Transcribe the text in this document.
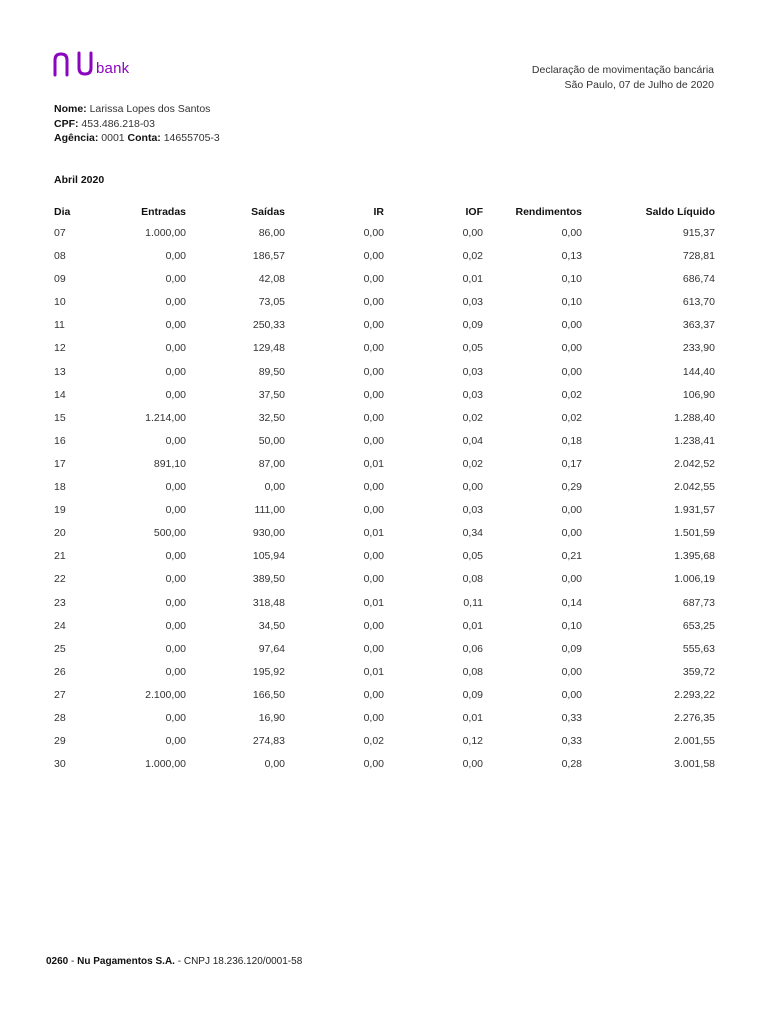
bank	Declaração de movimentação bancária
São Paulo, 07 de Julho de 2020
Nome: Larissa Lopes dos Santos
CPF: 453.486.218-03
Agência: 0001 Conta: 14655705-3
Abril 2020
Dia	Entradas	Saídas	IR	IOF	Rendimentos	Saldo Líquido
07	1.000,00	86,00	0,00	0,00	0,00	915,37
08	0,00	186,57	0,00	0,02	0,13	728,81
09	0,00	42,08	0,00	0,01	0,10	686,74
10	0,00	73,05	0,00	0,03	0,10	613,70
11	0,00	250,33	0,00	0,09	0,00	363,37
12	0,00	129,48	0,00	0,05	0,00	233,90
13	0,00	89,50	0,00	0,03	0,00	144,40
14	0,00	37,50	0,00	0,03	0,02	106,90
15	1.214,00	32,50	0,00	0,02	0,02	1.288,40
16	0,00	50,00	0,00	0,04	0,18	1.238,41
17	891,10	87,00	0,01	0,02	0,17	2.042,52
18	0,00	0,00	0,00	0,00	0,29	2.042,55
19	0,00	111,00	0,00	0,03	0,00	1.931,57
20	500,00	930,00	0,01	0,34	0,00	1.501,59
21	0,00	105,94	0,00	0,05	0,21	1.395,68
22	0,00	389,50	0,00	0,08	0,00	1.006,19
23	0,00	318,48	0,01	0,11	0,14	687,73
24	0,00	34,50	0,00	0,01	0,10	653,25
25	0,00	97,64	0,00	0,06	0,09	555,63
26	0,00	195,92	0,01	0,08	0,00	359,72
27	2.100,00	166,50	0,00	0,09	0,00	2.293,22
28	0,00	16,90	0,00	0,01	0,33	2.276,35
29	0,00	274,83	0,02	0,12	0,33	2.001,55
30	1.000,00	0,00	0,00	0,00	0,28	3.001,58
0260 - Nu Pagamentos S.A. - CNPJ 18.236.120/0001-58
